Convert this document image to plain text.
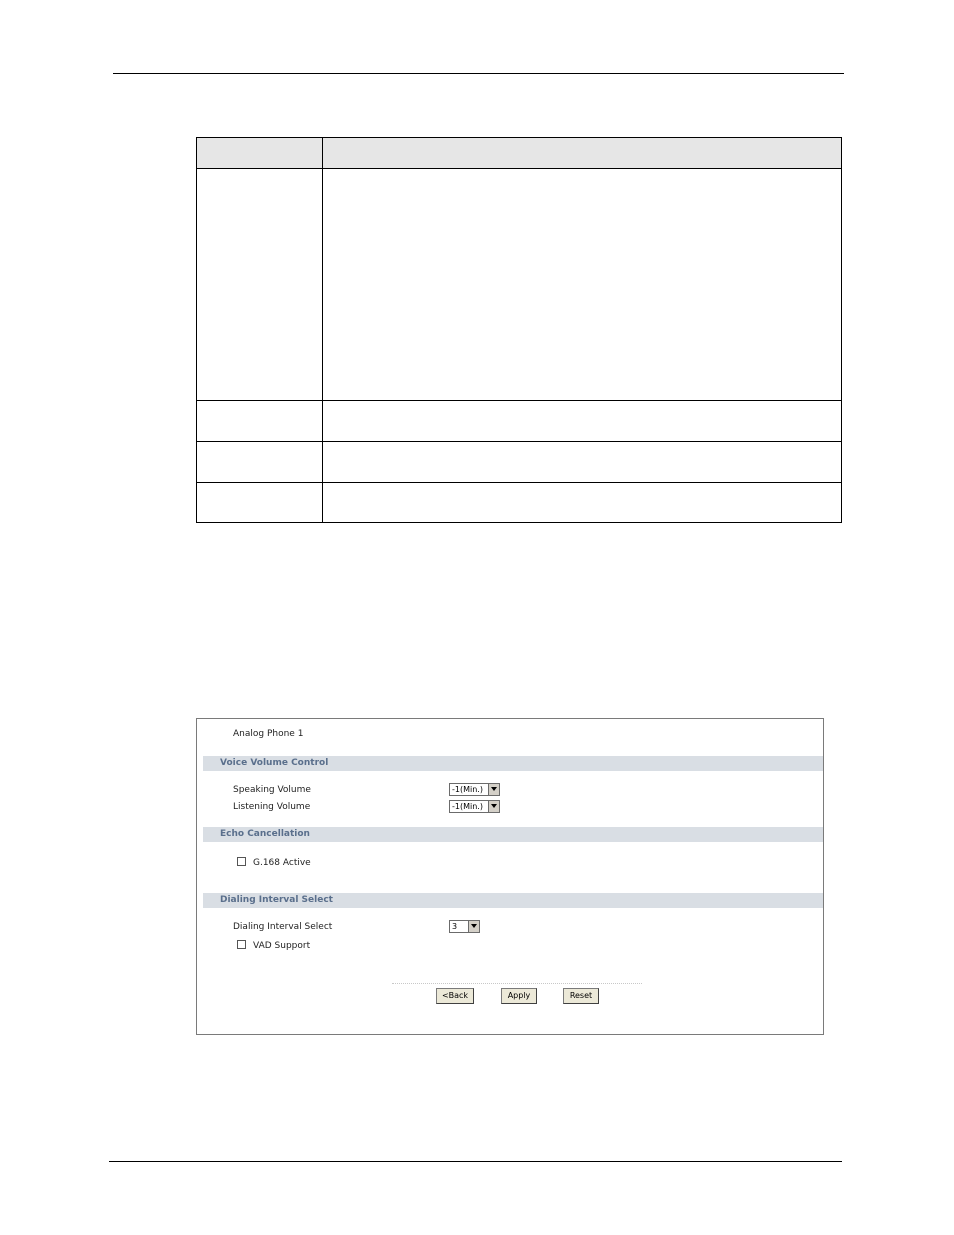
Analog Phone 1
Voice Volume Control
Speaking Volume	-1(Min.)
Listening Volume	-1(Min.)
Echo Cancellation
G.168 Active
Dialing Interval Select
Dialing Interval Select	3
VAD Support
<Back	Apply	Reset
